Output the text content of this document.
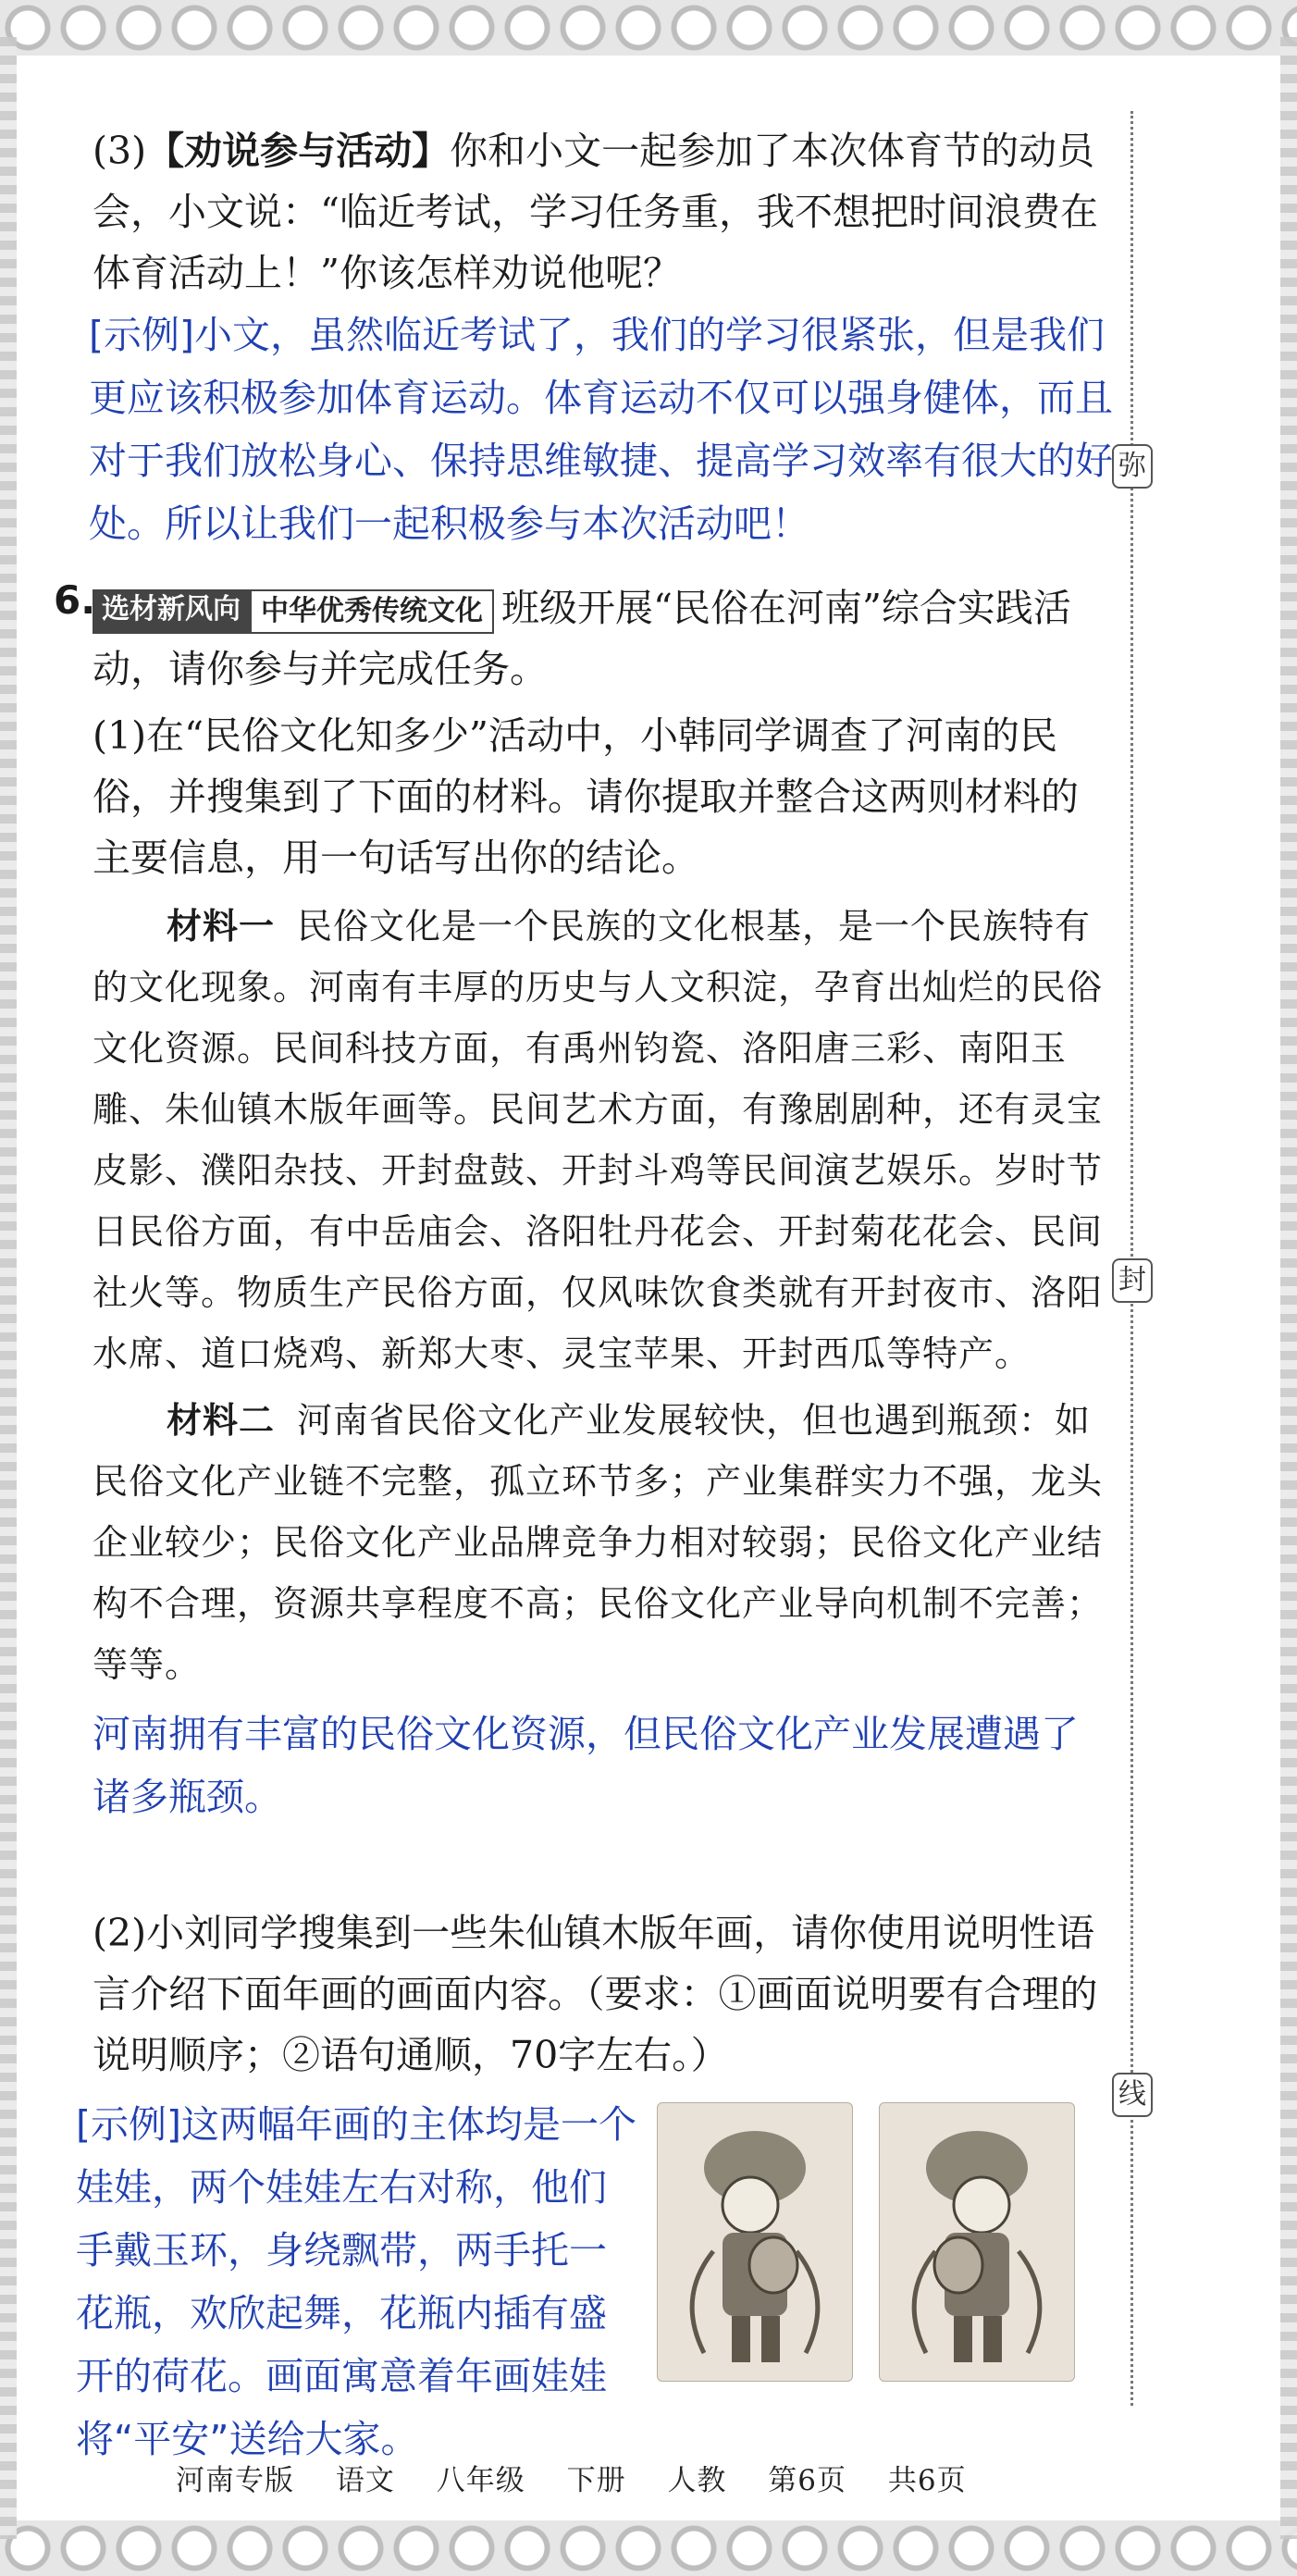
弥
封
线
(3)【劝说参与活动】你和小文一起参加了本次体育节的动员会，小文说：“临近考试，学习任务重，我不想把时间浪费在体育活动上！”你该怎样劝说他呢？
[示例]小文，虽然临近考试了，我们的学习很紧张，但是我们更应该积极参加体育运动。体育运动不仅可以强身健体，而且对于我们放松身心、保持思维敏捷、提高学习效率有很大的好处。所以让我们一起积极参与本次活动吧！
6. 选材新风向 中华优秀传统文化 班级开展“民俗在河南”综合实践活动，请你参与并完成任务。
(1)在“民俗文化知多少”活动中，小韩同学调查了河南的民俗，并搜集到了下面的材料。请你提取并整合这两则材料的主要信息，用一句话写出你的结论。
材料一 民俗文化是一个民族的文化根基，是一个民族特有的文化现象。河南有丰厚的历史与人文积淀，孕育出灿烂的民俗文化资源。民间科技方面，有禹州钧瓷、洛阳唐三彩、南阳玉雕、朱仙镇木版年画等。民间艺术方面，有豫剧剧种，还有灵宝皮影、濮阳杂技、开封盘鼓、开封斗鸡等民间演艺娱乐。岁时节日民俗方面，有中岳庙会、洛阳牡丹花会、开封菊花花会、民间社火等。物质生产民俗方面，仅风味饮食类就有开封夜市、洛阳水席、道口烧鸡、新郑大枣、灵宝苹果、开封西瓜等特产。
材料二 河南省民俗文化产业发展较快，但也遇到瓶颈：如民俗文化产业链不完整，孤立环节多；产业集群实力不强，龙头企业较少；民俗文化产业品牌竞争力相对较弱；民俗文化产业结构不合理，资源共享程度不高；民俗文化产业导向机制不完善；等等。
河南拥有丰富的民俗文化资源，但民俗文化产业发展遭遇了诸多瓶颈。
(2)小刘同学搜集到一些朱仙镇木版年画，请你使用说明性语言介绍下面年画的画面内容。（要求：①画面说明要有合理的说明顺序；②语句通顺，70字左右。）
[示例]这两幅年画的主体均是一个娃娃，两个娃娃左右对称，他们手戴玉环，身绕飘带，两手托一花瓶，欢欣起舞，花瓶内插有盛开的荷花。画面寓意着年画娃娃将“平安”送给大家。
河南专版 语文 八年级 下册 人教 第6页 共6页
